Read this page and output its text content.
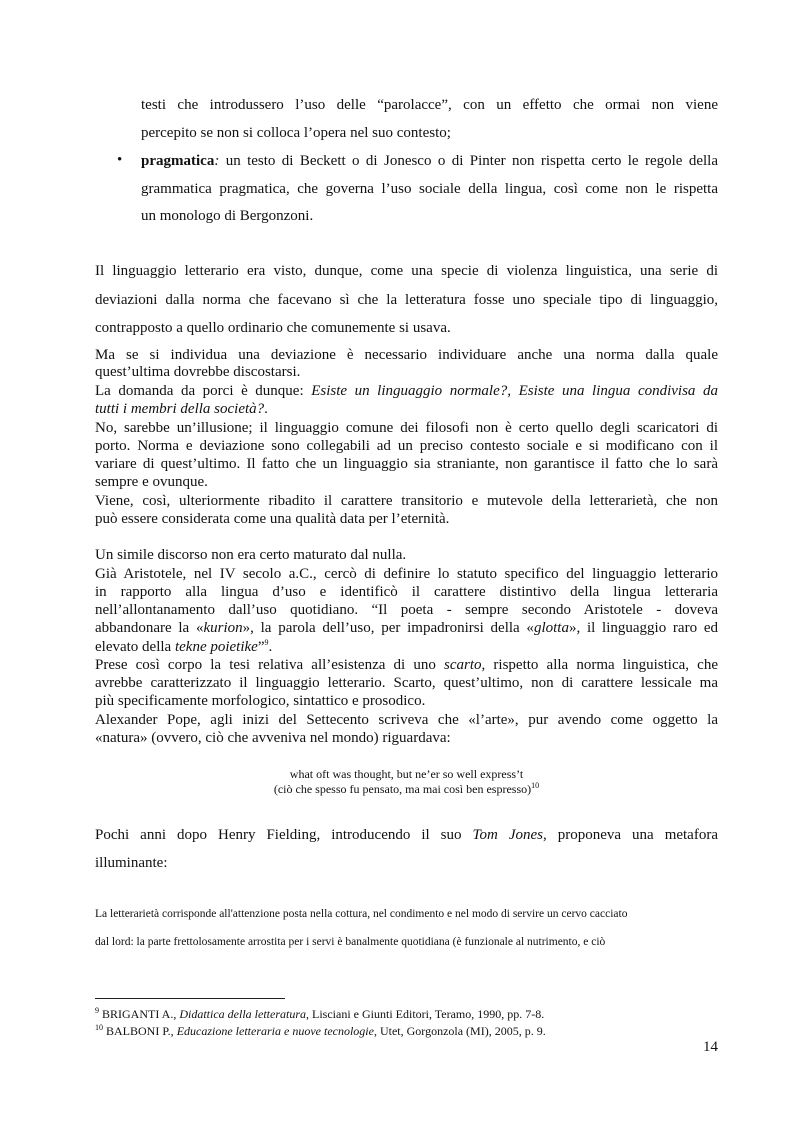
testi che introdussero l’uso delle “parolacce”, con un effetto che ormai non viene
percepito se non si colloca l’opera nel suo contesto;
• pragmatica: un testo di Beckett o di Jonesco o di Pinter non rispetta certo le regole della
grammatica pragmatica, che governa l’uso sociale della lingua, così come non le rispetta
un monologo di Bergonzoni.
Il linguaggio letterario era visto, dunque, come una specie di violenza linguistica, una serie di
deviazioni dalla norma che facevano sì che la letteratura fosse uno speciale tipo di linguaggio,
contrapposto a quello ordinario che comunemente si usava.
Ma se si individua una deviazione è necessario individuare anche una norma dalla quale
quest’ultima dovrebbe discostarsi.
La domanda da porci è dunque: Esiste un linguaggio normale?, Esiste una lingua condivisa da
tutti i membri della società?.
No, sarebbe un’illusione; il linguaggio comune dei filosofi non è certo quello degli scaricatori di
porto. Norma e deviazione sono collegabili ad un preciso contesto sociale e si modificano con il
variare di quest’ultimo. Il fatto che un linguaggio sia straniante, non garantisce il fatto che lo sarà
sempre e ovunque.
Viene, così, ulteriormente ribadito il carattere transitorio e mutevole della letterarietà, che non
può essere considerata come una qualità data per l’eternità.
Un simile discorso non era certo maturato dal nulla.
Già Aristotele, nel IV secolo a.C., cercò di definire lo statuto specifico del linguaggio letterario
in rapporto alla lingua d’uso e identificò il carattere distintivo della lingua letteraria
nell’allontanamento dall’uso quotidiano. “Il poeta - sempre secondo Aristotele - doveva
abbandonare la «kurion», la parola dell’uso, per impadronirsi della «glotta», il linguaggio raro ed
elevato della tekne poietike”$^9$.
Prese così corpo la tesi relativa all’esistenza di uno scarto, rispetto alla norma linguistica, che
avrebbe caratterizzato il linguaggio letterario. Scarto, quest’ultimo, non di carattere lessicale ma
più specificamente morfologico, sintattico e prosodico.
Alexander Pope, agli inizi del Settecento scriveva che «l’arte», pur avendo come oggetto la
«natura» (ovvero, ciò che avveniva nel mondo) riguardava:
what oft was thought, but ne’er so well express’t
(ciò che spesso fu pensato, ma mai così ben espresso)$^{10}$
Pochi anni dopo Henry Fielding, introducendo il suo Tom Jones, proponeva una metafora
illuminante:
La letterarietà corrisponde all'attenzione posta nella cottura, nel condimento e nel modo di servire un cervo cacciato
dal lord: la parte frettolosamente arrostita per i servi è banalmente quotidiana (è funzionale al nutrimento, e ciò
$^9$ BRIGANTI A., Didattica della letteratura, Lisciani e Giunti Editori, Teramo, 1990, pp. 7-8.
$^{10}$ BALBONI P., Educazione letteraria e nuove tecnologie, Utet, Gorgonzola (MI), 2005, p. 9.
14
